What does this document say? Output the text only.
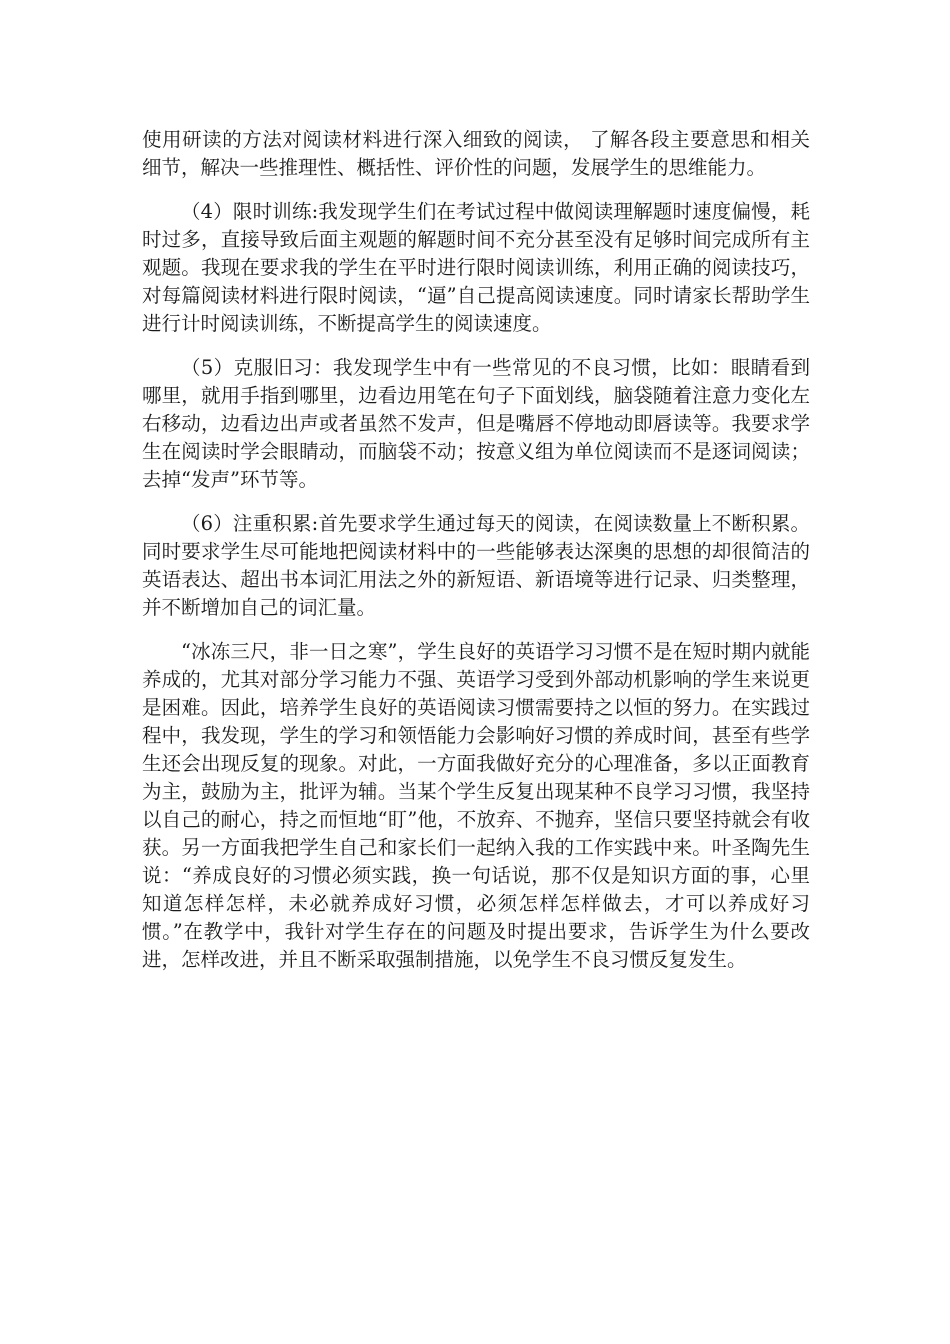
使用研读的方法对阅读材料进行深入细致的阅读， 了解各段主要意思和相关细节，解决一些推理性、概括性、评价性的问题，发展学生的思维能力。

（4）限时训练:我发现学生们在考试过程中做阅读理解题时速度偏慢，耗时过多，直接导致后面主观题的解题时间不充分甚至没有足够时间完成所有主观题。我现在要求我的学生在平时进行限时阅读训练，利用正确的阅读技巧，对每篇阅读材料进行限时阅读，“逼”自己提高阅读速度。同时请家长帮助学生进行计时阅读训练，不断提高学生的阅读速度。

（5）克服旧习：我发现学生中有一些常见的不良习惯，比如：眼睛看到哪里，就用手指到哪里，边看边用笔在句子下面划线，脑袋随着注意力变化左右移动，边看边出声或者虽然不发声，但是嘴唇不停地动即唇读等。我要求学生在阅读时学会眼睛动，而脑袋不动；按意义组为单位阅读而不是逐词阅读；去掉“发声”环节等。

（6）注重积累:首先要求学生通过每天的阅读，在阅读数量上不断积累。同时要求学生尽可能地把阅读材料中的一些能够表达深奥的思想的却很简洁的英语表达、超出书本词汇用法之外的新短语、新语境等进行记录、归类整理，并不断增加自己的词汇量。

“冰冻三尺，非一日之寒”，学生良好的英语学习习惯不是在短时期内就能养成的，尤其对部分学习能力不强、英语学习受到外部动机影响的学生来说更是困难。因此，培养学生良好的英语阅读习惯需要持之以恒的努力。在实践过程中，我发现，学生的学习和领悟能力会影响好习惯的养成时间，甚至有些学生还会出现反复的现象。对此，一方面我做好充分的心理准备，多以正面教育为主，鼓励为主，批评为辅。当某个学生反复出现某种不良学习习惯，我坚持以自己的耐心，持之而恒地“盯”他，不放弃、不抛弃，坚信只要坚持就会有收获。另一方面我把学生自己和家长们一起纳入我的工作实践中来。叶圣陶先生说：“养成良好的习惯必须实践，换一句话说，那不仅是知识方面的事，心里知道怎样怎样，未必就养成好习惯，必须怎样怎样做去，才可以养成好习惯。”在教学中，我针对学生存在的问题及时提出要求，告诉学生为什么要改进，怎样改进，并且不断采取强制措施，以免学生不良习惯反复发生。
